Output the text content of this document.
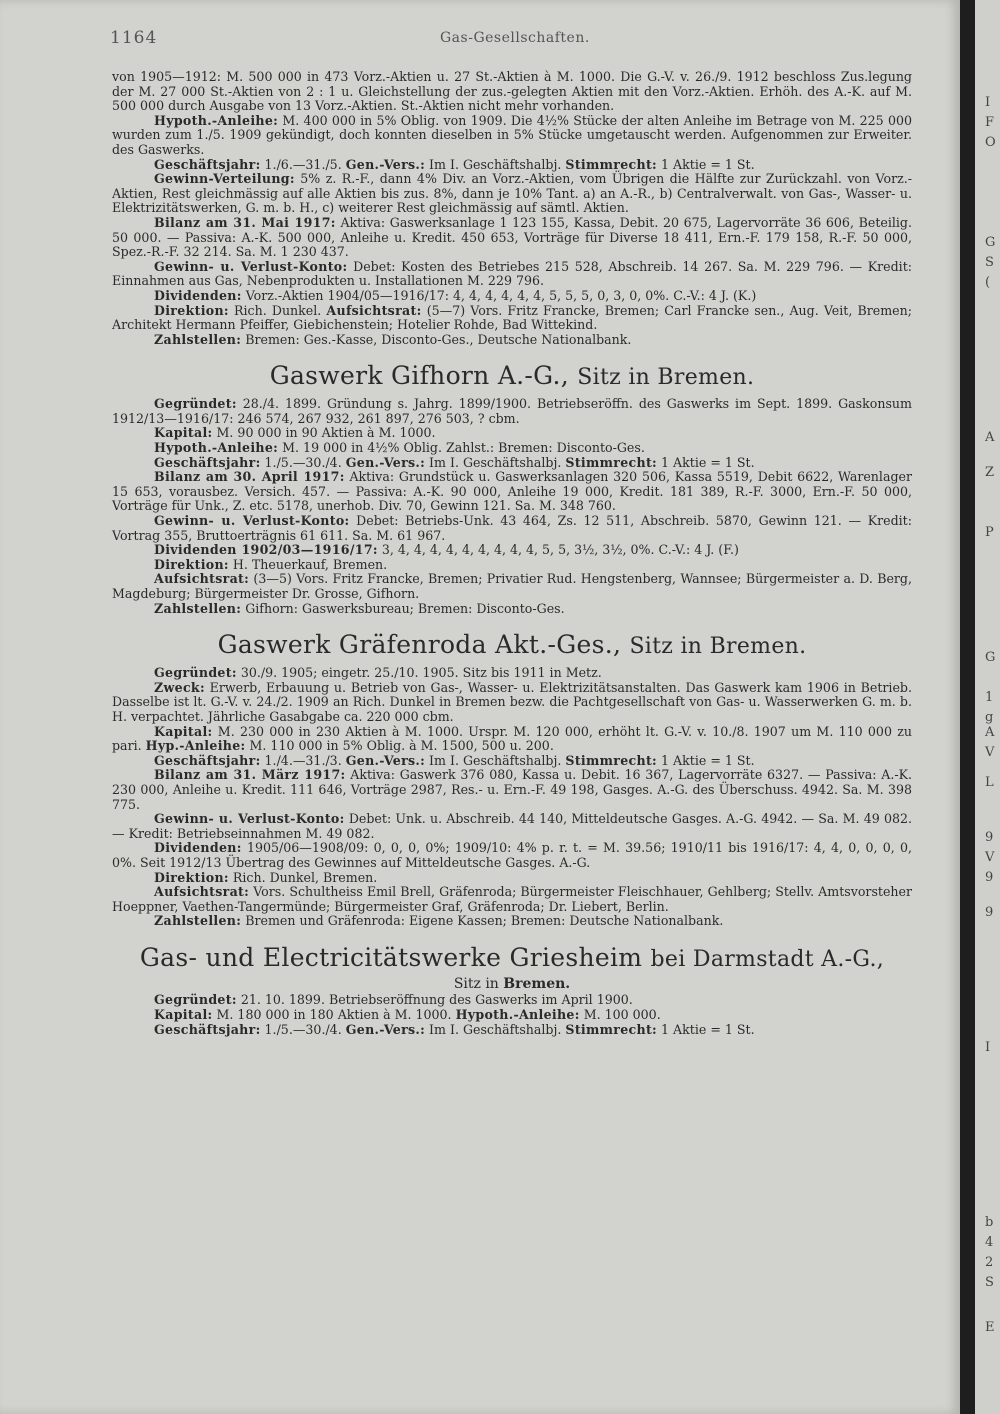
1164	Gas-Gesellschaften.

von 1905—1912: M. 500 000 in 473 Vorz.-Aktien u. 27 St.-Aktien à M. 1000. Die G.-V. v. 26./9. 1912 beschloss Zus.legung der M. 27 000 St.-Aktien von 2 : 1 u. Gleichstellung der zus.-gelegten Aktien mit den Vorz.-Aktien. Erhöh. des A.-K. auf M. 500 000 durch Ausgabe von 13 Vorz.-Aktien. St.-Aktien nicht mehr vorhanden.

Hypoth.-Anleihe: M. 400 000 in 5% Oblig. von 1909. Die 4½% Stücke der alten Anleihe im Betrage von M. 225 000 wurden zum 1./5. 1909 gekündigt, doch konnten dieselben in 5% Stücke umgetauscht werden. Aufgenommen zur Erweiter. des Gaswerks.

Geschäftsjahr: 1./6.—31./5. Gen.-Vers.: Im I. Geschäftshalbj. Stimmrecht: 1 Aktie = 1 St.

Gewinn-Verteilung: 5% z. R.-F., dann 4% Div. an Vorz.-Aktien, vom Übrigen die Hälfte zur Zurückzahl. von Vorz.-Aktien, Rest gleichmässig auf alle Aktien bis zus. 8%, dann je 10% Tant. a) an A.-R., b) Centralverwalt. von Gas-, Wasser- u. Elektrizitätswerken, G. m. b. H., c) weiterer Rest gleichmässig auf sämtl. Aktien.

Bilanz am 31. Mai 1917: Aktiva: Gaswerksanlage 1 123 155, Kassa, Debit. 20 675, Lagervorräte 36 606, Beteilig. 50 000. — Passiva: A.-K. 500 000, Anleihe u. Kredit. 450 653, Vorträge für Diverse 18 411, Ern.-F. 179 158, R.-F. 50 000, Spez.-R.-F. 32 214. Sa. M. 1 230 437.

Gewinn- u. Verlust-Konto: Debet: Kosten des Betriebes 215 528, Abschreib. 14 267. Sa. M. 229 796. — Kredit: Einnahmen aus Gas, Nebenprodukten u. Installationen M. 229 796.

Dividenden: Vorz.-Aktien 1904/05—1916/17: 4, 4, 4, 4, 4, 4, 5, 5, 5, 0, 3, 0, 0%. C.-V.: 4 J. (K.)

Direktion: Rich. Dunkel. Aufsichtsrat: (5—7) Vors. Fritz Francke, Bremen; Carl Francke sen., Aug. Veit, Bremen; Architekt Hermann Pfeiffer, Giebichenstein; Hotelier Rohde, Bad Wittekind.

Zahlstellen: Bremen: Ges.-Kasse, Disconto-Ges., Deutsche Nationalbank.

Gaswerk Gifhorn A.-G., Sitz in Bremen.

Gegründet: 28./4. 1899. Gründung s. Jahrg. 1899/1900. Betriebseröffn. des Gaswerks im Sept. 1899. Gaskonsum 1912/13—1916/17: 246 574, 267 932, 261 897, 276 503, ? cbm.

Kapital: M. 90 000 in 90 Aktien à M. 1000.

Hypoth.-Anleihe: M. 19 000 in 4½% Oblig. Zahlst.: Bremen: Disconto-Ges.

Geschäftsjahr: 1./5.—30./4. Gen.-Vers.: Im I. Geschäftshalbj. Stimmrecht: 1 Aktie = 1 St.

Bilanz am 30. April 1917: Aktiva: Grundstück u. Gaswerksanlagen 320 506, Kassa 5519, Debit 6622, Warenlager 15 653, vorausbez. Versich. 457. — Passiva: A.-K. 90 000, Anleihe 19 000, Kredit. 181 389, R.-F. 3000, Ern.-F. 50 000, Vorträge für Unk., Z. etc. 5178, unerhob. Div. 70, Gewinn 121. Sa. M. 348 760.

Gewinn- u. Verlust-Konto: Debet: Betriebs-Unk. 43 464, Zs. 12 511, Abschreib. 5870, Gewinn 121. — Kredit: Vortrag 355, Bruttoerträgnis 61 611. Sa. M. 61 967.

Dividenden 1902/03—1916/17: 3, 4, 4, 4, 4, 4, 4, 4, 4, 4, 5, 5, 3½, 3½, 0%. C.-V.: 4 J. (F.)

Direktion: H. Theuerkauf, Bremen.

Aufsichtsrat: (3—5) Vors. Fritz Francke, Bremen; Privatier Rud. Hengstenberg, Wannsee; Bürgermeister a. D. Berg, Magdeburg; Bürgermeister Dr. Grosse, Gifhorn.

Zahlstellen: Gifhorn: Gaswerksbureau; Bremen: Disconto-Ges.

Gaswerk Gräfenroda Akt.-Ges., Sitz in Bremen.

Gegründet: 30./9. 1905; eingetr. 25./10. 1905. Sitz bis 1911 in Metz.

Zweck: Erwerb, Erbauung u. Betrieb von Gas-, Wasser- u. Elektrizitätsanstalten. Das Gaswerk kam 1906 in Betrieb. Dasselbe ist lt. G.-V. v. 24./2. 1909 an Rich. Dunkel in Bremen bezw. die Pachtgesellschaft von Gas- u. Wasserwerken G. m. b. H. verpachtet. Jährliche Gasabgabe ca. 220 000 cbm.

Kapital: M. 230 000 in 230 Aktien à M. 1000. Urspr. M. 120 000, erhöht lt. G.-V. v. 10./8. 1907 um M. 110 000 zu pari. Hyp.-Anleihe: M. 110 000 in 5% Oblig. à M. 1500, 500 u. 200.

Geschäftsjahr: 1./4.—31./3. Gen.-Vers.: Im I. Geschäftshalbj. Stimmrecht: 1 Aktie = 1 St.

Bilanz am 31. März 1917: Aktiva: Gaswerk 376 080, Kassa u. Debit. 16 367, Lagervorräte 6327. — Passiva: A.-K. 230 000, Anleihe u. Kredit. 111 646, Vorträge 2987, Res.- u. Ern.-F. 49 198, Gasges. A.-G. des Überschuss. 4942. Sa. M. 398 775.

Gewinn- u. Verlust-Konto: Debet: Unk. u. Abschreib. 44 140, Mitteldeutsche Gasges. A.-G. 4942. — Sa. M. 49 082. — Kredit: Betriebseinnahmen M. 49 082.

Dividenden: 1905/06—1908/09: 0, 0, 0, 0%; 1909/10: 4% p. r. t. = M. 39.56; 1910/11 bis 1916/17: 4, 4, 0, 0, 0, 0, 0%. Seit 1912/13 Übertrag des Gewinnes auf Mitteldeutsche Gasges. A.-G.

Direktion: Rich. Dunkel, Bremen.

Aufsichtsrat: Vors. Schultheiss Emil Brell, Gräfenroda; Bürgermeister Fleischhauer, Gehlberg; Stellv. Amtsvorsteher Hoeppner, Vaethen-Tangermünde; Bürgermeister Graf, Gräfenroda; Dr. Liebert, Berlin.

Zahlstellen: Bremen und Gräfenroda: Eigene Kassen; Bremen: Deutsche Nationalbank.

Gas- und Electricitätswerke Griesheim bei Darmstadt A.-G.,
Sitz in Bremen.

Gegründet: 21. 10. 1899. Betriebseröffnung des Gaswerks im April 1900.

Kapital: M. 180 000 in 180 Aktien à M. 1000. Hypoth.-Anleihe: M. 100 000.

Geschäftsjahr: 1./5.—30./4. Gen.-Vers.: Im I. Geschäftshalbj. Stimmrecht: 1 Aktie = 1 St.

I
F
O
G
S
(
A
Z
P
G
1
g
A
V
L
9
V
9
9
I
b
4
2
S
E
